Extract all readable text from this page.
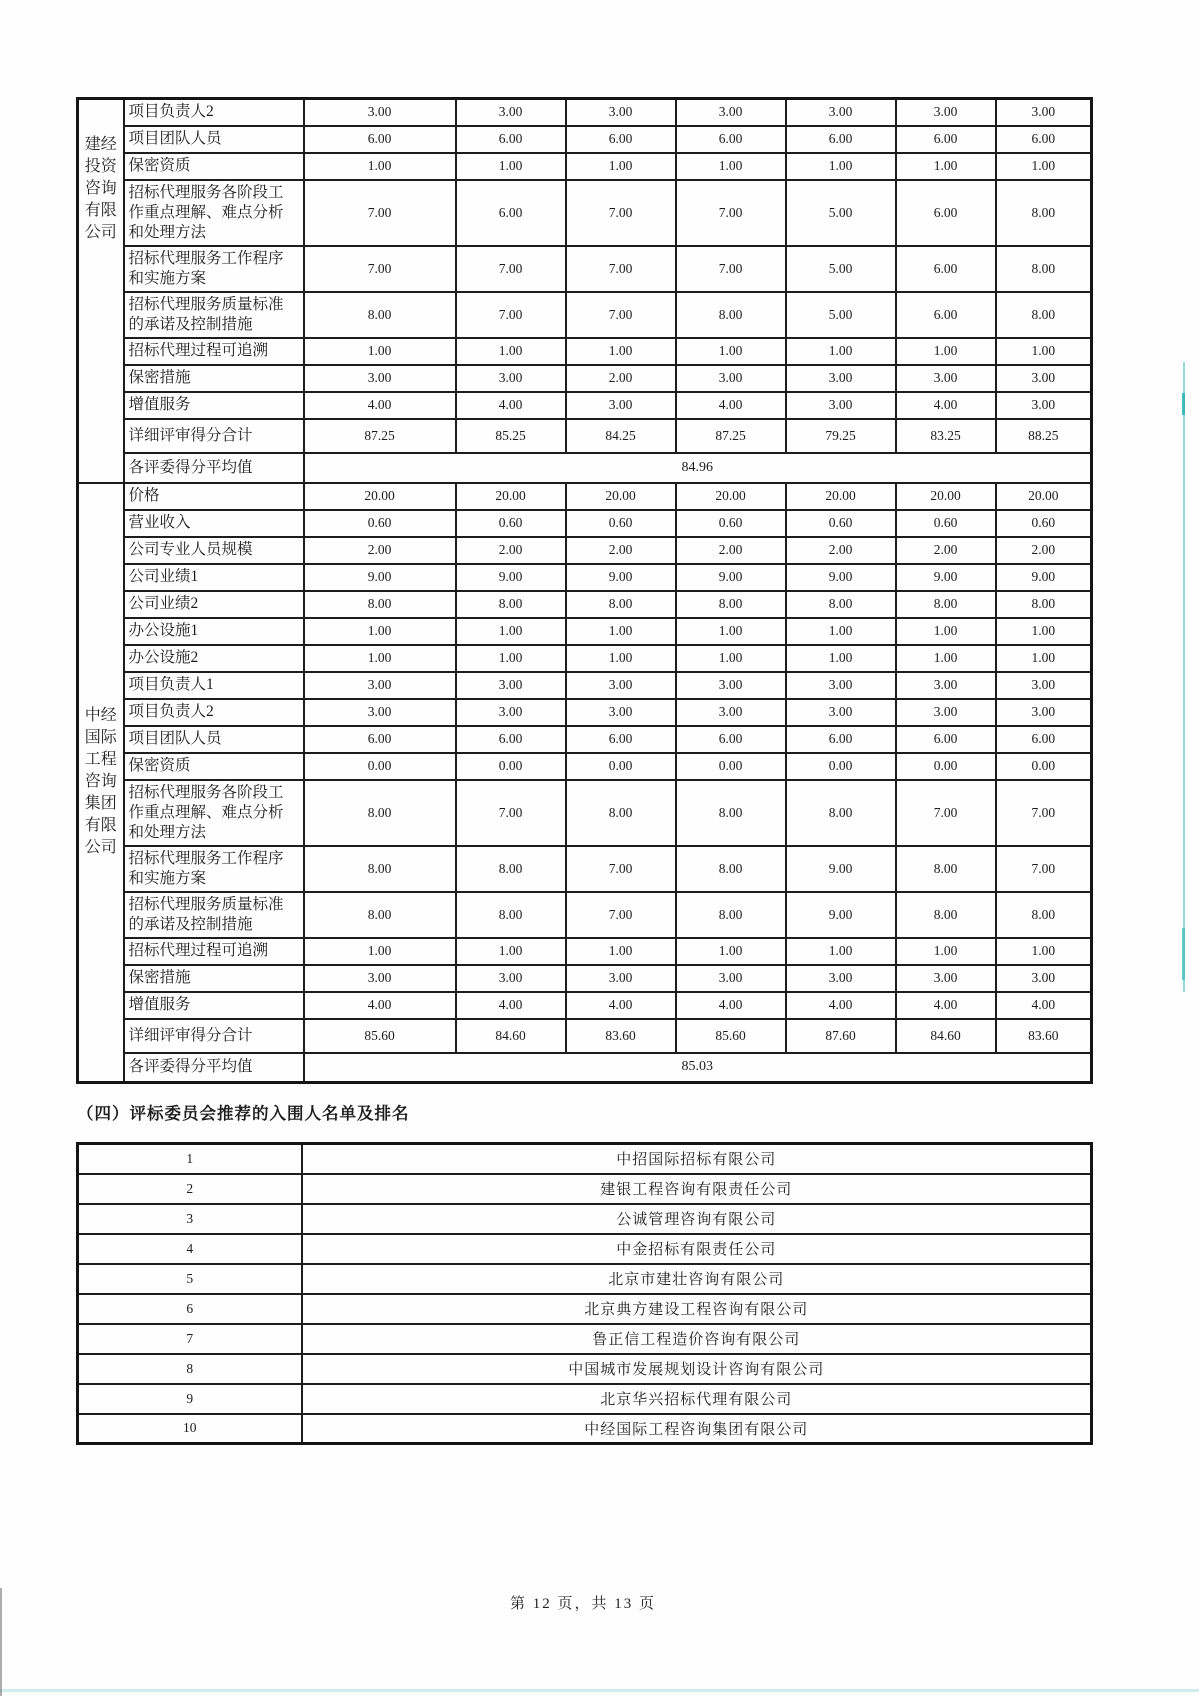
建经
投资
咨询
有限
公司	项目负责人2	3.00	3.00	3.00	3.00	3.00	3.00	3.00
	项目团队人员	6.00	6.00	6.00	6.00	6.00	6.00	6.00
	保密资质	1.00	1.00	1.00	1.00	1.00	1.00	1.00
	招标代理服务各阶段工作重点理解、难点分析和处理方法	7.00	6.00	7.00	7.00	5.00	6.00	8.00
	招标代理服务工作程序和实施方案	7.00	7.00	7.00	7.00	5.00	6.00	8.00
	招标代理服务质量标准的承诺及控制措施	8.00	7.00	7.00	8.00	5.00	6.00	8.00
	招标代理过程可追溯	1.00	1.00	1.00	1.00	1.00	1.00	1.00
	保密措施	3.00	3.00	2.00	3.00	3.00	3.00	3.00
	增值服务	4.00	4.00	3.00	4.00	3.00	4.00	3.00
	详细评审得分合计	87.25	85.25	84.25	87.25	79.25	83.25	88.25
	各评委得分平均值	84.96						

中经
国际
工程
咨询
集团
有限
公司
	价格	20.00	20.00	20.00	20.00	20.00	20.00	20.00
	营业收入	0.60	0.60	0.60	0.60	0.60	0.60	0.60
	公司专业人员规模	2.00	2.00	2.00	2.00	2.00	2.00	2.00
	公司业绩1	9.00	9.00	9.00	9.00	9.00	9.00	9.00
	公司业绩2	8.00	8.00	8.00	8.00	8.00	8.00	8.00
	办公设施1	1.00	1.00	1.00	1.00	1.00	1.00	1.00
	办公设施2	1.00	1.00	1.00	1.00	1.00	1.00	1.00
	项目负责人1	3.00	3.00	3.00	3.00	3.00	3.00	3.00
	项目负责人2	3.00	3.00	3.00	3.00	3.00	3.00	3.00
	项目团队人员	6.00	6.00	6.00	6.00	6.00	6.00	6.00
	保密资质	0.00	0.00	0.00	0.00	0.00	0.00	0.00
	招标代理服务各阶段工作重点理解、难点分析和处理方法	8.00	7.00	8.00	8.00	8.00	7.00	7.00
	招标代理服务工作程序和实施方案	8.00	8.00	7.00	8.00	9.00	8.00	7.00
	招标代理服务质量标准的承诺及控制措施	8.00	8.00	7.00	8.00	9.00	8.00	8.00
	招标代理过程可追溯	1.00	1.00	1.00	1.00	1.00	1.00	1.00
	保密措施	3.00	3.00	3.00	3.00	3.00	3.00	3.00
	增值服务	4.00	4.00	4.00	4.00	4.00	4.00	4.00
	详细评审得分合计	85.60	84.60	83.60	85.60	87.60	84.60	83.60
	各评委得分平均值	85.03						
（四）评标委员会推荐的入围人名单及排名
1	中招国际招标有限公司
2	建银工程咨询有限责任公司
3	公诚管理咨询有限公司
4	中金招标有限责任公司
5	北京市建壮咨询有限公司
6	北京典方建设工程咨询有限公司
7	鲁正信工程造价咨询有限公司
8	中国城市发展规划设计咨询有限公司
9	北京华兴招标代理有限公司
10	中经国际工程咨询集团有限公司
第 12 页，共 13 页
